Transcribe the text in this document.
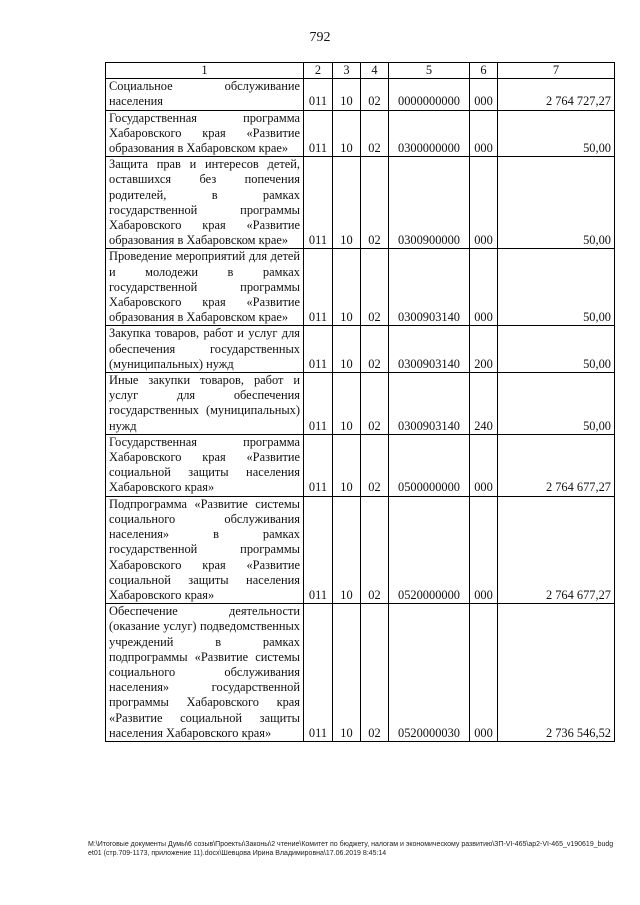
792
1	2	3	4	5	6	7
Социальное обслуживание населения	011	10	02	0000000000	000	2 764 727,27
Государственная программа Хабаровского края «Развитие образования в Хабаровском крае»	011	10	02	0300000000	000	50,00
Защита прав и интересов детей, оставшихся без попечения родителей, в рамках государственной программы Хабаровского края «Развитие образования в Хабаровском крае»	011	10	02	0300900000	000	50,00
Проведение мероприятий для детей и молодежи в рамках государственной программы Хабаровского края «Развитие образования в Хабаровском крае»	011	10	02	0300903140	000	50,00
Закупка товаров, работ и услуг для обеспечения государственных (муниципальных) нужд	011	10	02	0300903140	200	50,00
Иные закупки товаров, работ и услуг для обеспечения государственных (муниципальных) нужд	011	10	02	0300903140	240	50,00
Государственная программа Хабаровского края «Развитие социальной защиты населения Хабаровского края»	011	10	02	0500000000	000	2 764 677,27
Подпрограмма «Развитие системы социального обслуживания населения» в рамках государственной программы Хабаровского края «Развитие социальной защиты населения Хабаровского края»	011	10	02	0520000000	000	2 764 677,27
Обеспечение деятельности (оказание услуг) подведомственных учреждений в рамках подпрограммы «Развитие системы социального обслуживания населения» государственной программы Хабаровского края «Развитие социальной защиты населения Хабаровского края»	011	10	02	0520000030	000	2 736 546,52
М:\Итоговые документы Думы\6 созыв\Проекты\Законы\2 чтение\Комитет по бюджету, налогам и экономическому развитию\ЗП-VI-465\ap2-VI-465_v190619_budget01 (стр.709-1173, приложение 11).docx\Шевцова Ирина Владимировна\17.06.2019 8:45:14
